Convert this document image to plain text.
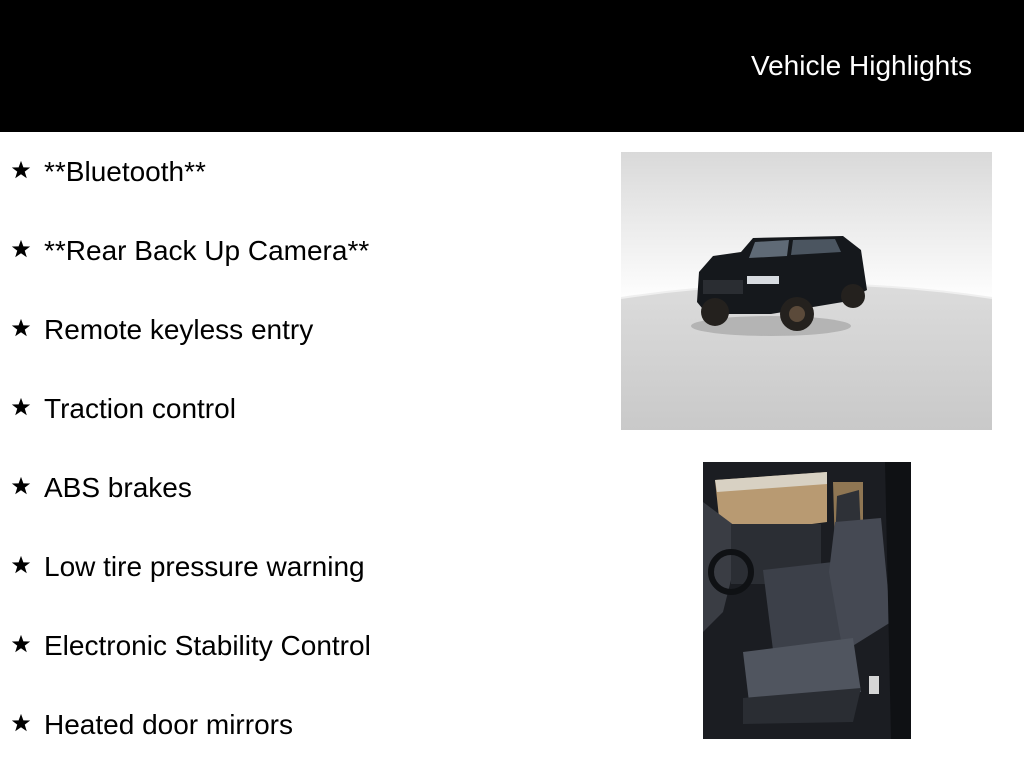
Vehicle Highlights
**Bluetooth**
**Rear Back Up Camera**
Remote keyless entry
Traction control
ABS brakes
Low tire pressure warning
Electronic Stability Control
Heated door mirrors
